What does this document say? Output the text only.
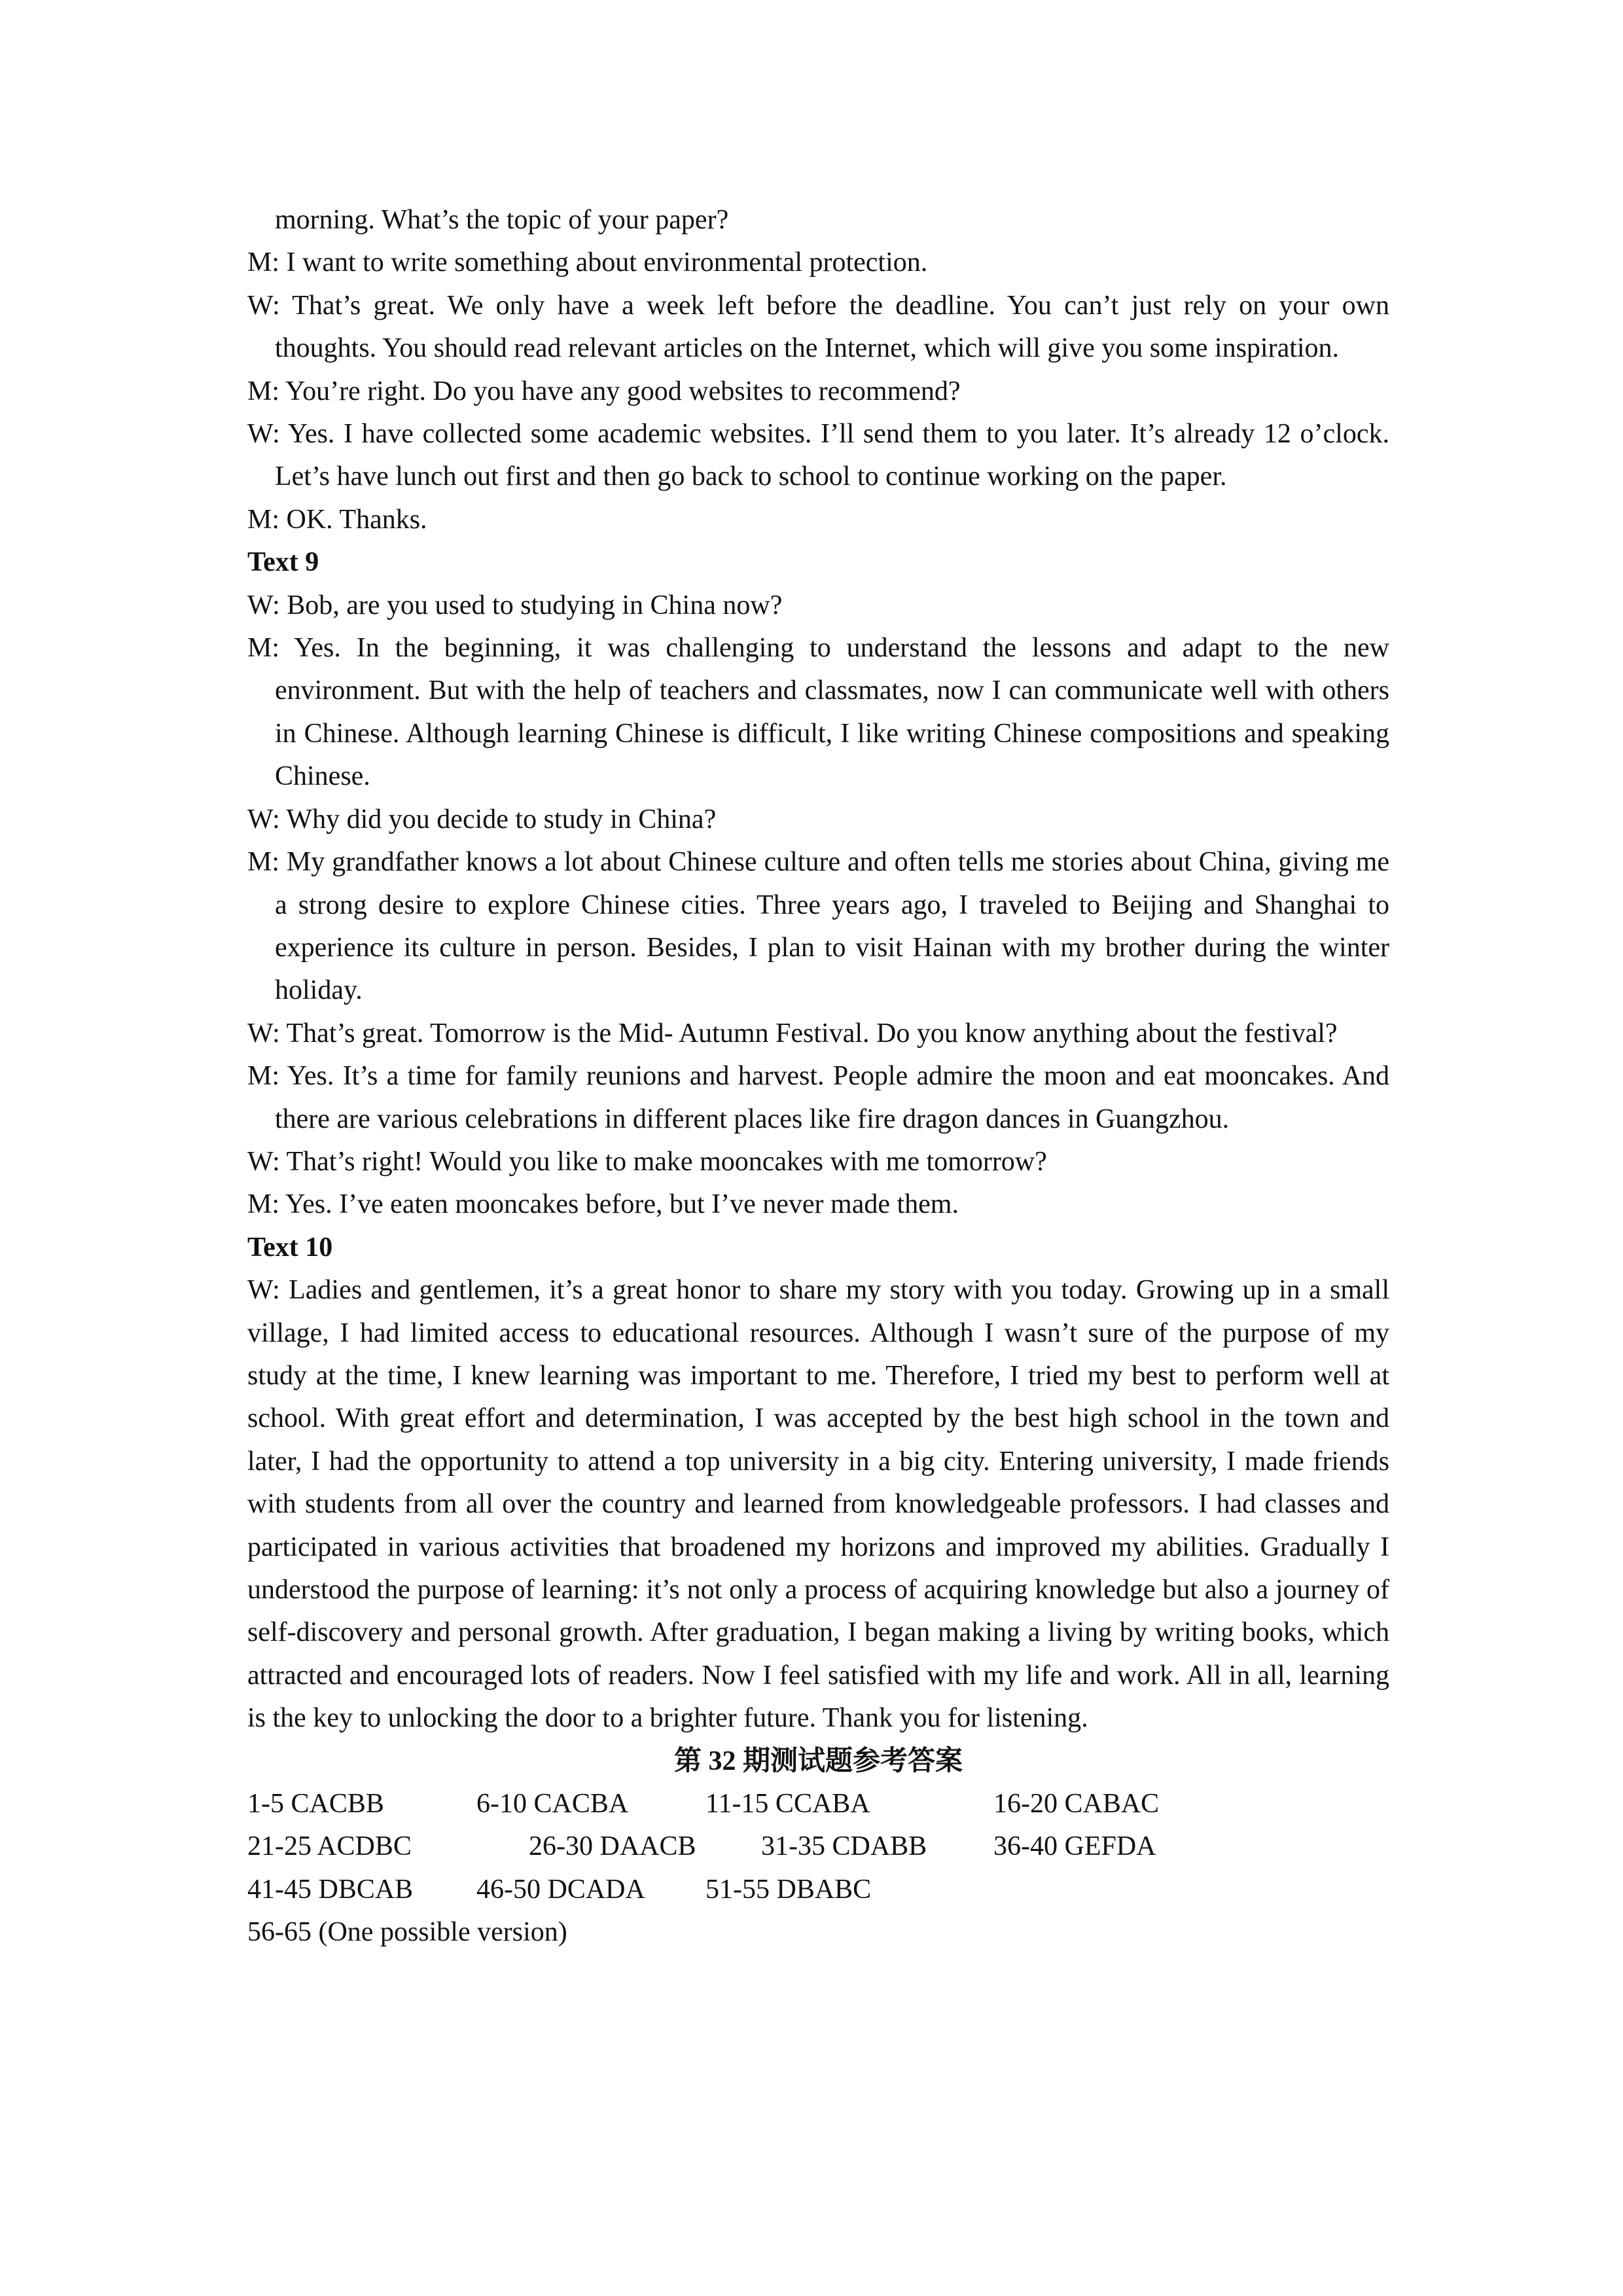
morning. What’s the topic of your paper?

M: I want to write something about environmental protection.

W: That’s great. We only have a week left before the deadline. You can’t just rely on your own thoughts. You should read relevant articles on the Internet, which will give you some inspiration.

M: You’re right. Do you have any good websites to recommend?

W: Yes. I have collected some academic websites. I’ll send them to you later. It’s already 12 o’clock. Let’s have lunch out first and then go back to school to continue working on the paper.

M: OK. Thanks.

Text 9

W: Bob, are you used to studying in China now?

M: Yes. In the beginning, it was challenging to understand the lessons and adapt to the new environment. But with the help of teachers and classmates, now I can communicate well with others in Chinese. Although learning Chinese is difficult, I like writing Chinese compositions and speaking Chinese.

W: Why did you decide to study in China?

M: My grandfather knows a lot about Chinese culture and often tells me stories about China, giving me a strong desire to explore Chinese cities. Three years ago, I traveled to Beijing and Shanghai to experience its culture in person. Besides, I plan to visit Hainan with my brother during the winter holiday.

W: That’s great. Tomorrow is the Mid- Autumn Festival. Do you know anything about the festival?

M: Yes. It’s a time for family reunions and harvest. People admire the moon and eat mooncakes. And there are various celebrations in different places like fire dragon dances in Guangzhou.

W: That’s right! Would you like to make mooncakes with me tomorrow?

M: Yes. I’ve eaten mooncakes before, but I’ve never made them.

Text 10

W: Ladies and gentlemen, it’s a great honor to share my story with you today. Growing up in a small village, I had limited access to educational resources. Although I wasn’t sure of the purpose of my study at the time, I knew learning was important to me. Therefore, I tried my best to perform well at school. With great effort and determination, I was accepted by the best high school in the town and later, I had the opportunity to attend a top university in a big city. Entering university, I made friends with students from all over the country and learned from knowledgeable professors. I had classes and participated in various activities that broadened my horizons and improved my abilities. Gradually I understood the purpose of learning: it’s not only a process of acquiring knowledge but also a journey of self-discovery and personal growth. After graduation, I began making a living by writing books, which attracted and encouraged lots of readers. Now I feel satisfied with my life and work. All in all, learning is the key to unlocking the door to a brighter future. Thank you for listening.

第 32 期测试题参考答案

1-5 CACBB	6-10 CACBA	11-15 CCABA	16-20 CABAC
21-25 ACDBC	26-30 DAACB 31-35 CDABB 36-40 GEFDA
41-45 DBCAB 46-50 DCADA 51-55 DBABC

56-65 (One possible version)
